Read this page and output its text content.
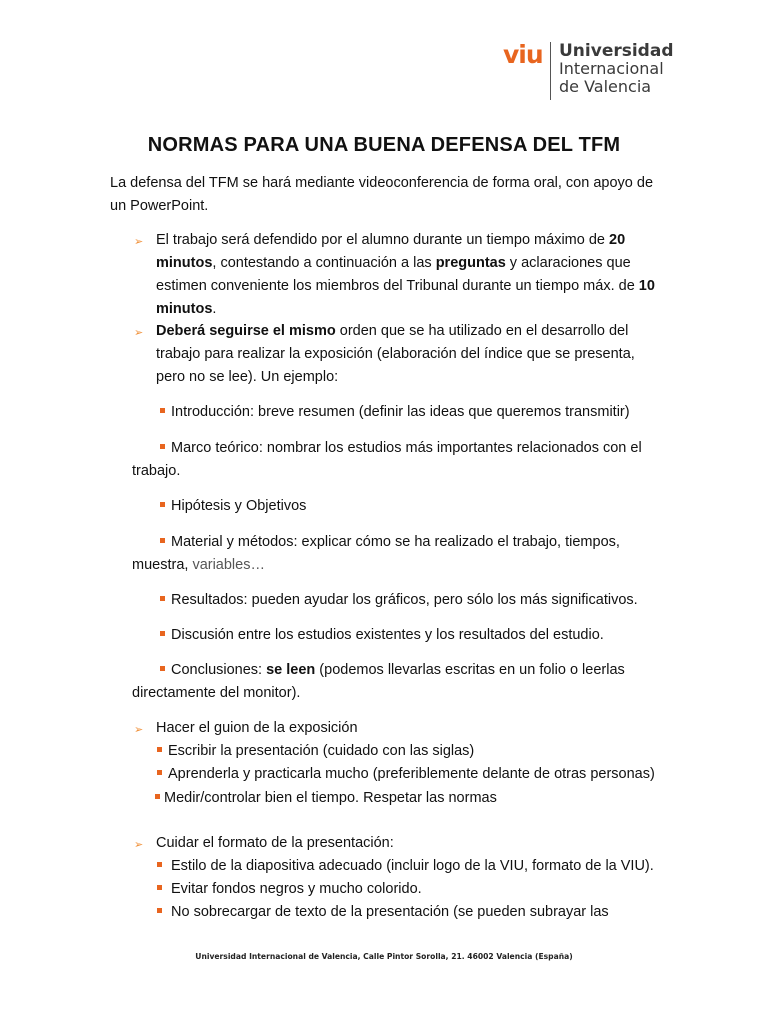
viu Universidad
Internacional
de Valencia
NORMAS PARA UNA BUENA DEFENSA DEL TFM
La defensa del TFM se hará mediante videoconferencia de forma oral, con apoyo de un PowerPoint.
➢ El trabajo será defendido por el alumno durante un tiempo máximo de 20 minutos, contestando a continuación a las preguntas y aclaraciones que estimen conveniente los miembros del Tribunal durante un tiempo máx. de 10 minutos.
➢ Deberá seguirse el mismo orden que se ha utilizado en el desarrollo del trabajo para realizar la exposición (elaboración del índice que se presenta, pero no se lee). Un ejemplo:
Introducción: breve resumen (definir las ideas que queremos transmitir)
Marco teórico: nombrar los estudios más importantes relacionados con el trabajo.
Hipótesis y Objetivos
Material y métodos: explicar cómo se ha realizado el trabajo, tiempos, muestra, variables…
Resultados: pueden ayudar los gráficos, pero sólo los más significativos.
Discusión entre los estudios existentes y los resultados del estudio.
Conclusiones: se leen (podemos llevarlas escritas en un folio o leerlas directamente del monitor).
➢ Hacer el guion de la exposición
Escribir la presentación (cuidado con las siglas)
Aprenderla y practicarla mucho (preferiblemente delante de otras personas)
Medir/controlar bien el tiempo. Respetar las normas
➢ Cuidar el formato de la presentación:
Estilo de la diapositiva adecuado (incluir logo de la VIU, formato de la VIU).
Evitar fondos negros y mucho colorido.
No sobrecargar de texto de la presentación (se pueden subrayar las
Universidad Internacional de Valencia, Calle Pintor Sorolla, 21. 46002 Valencia (España)
